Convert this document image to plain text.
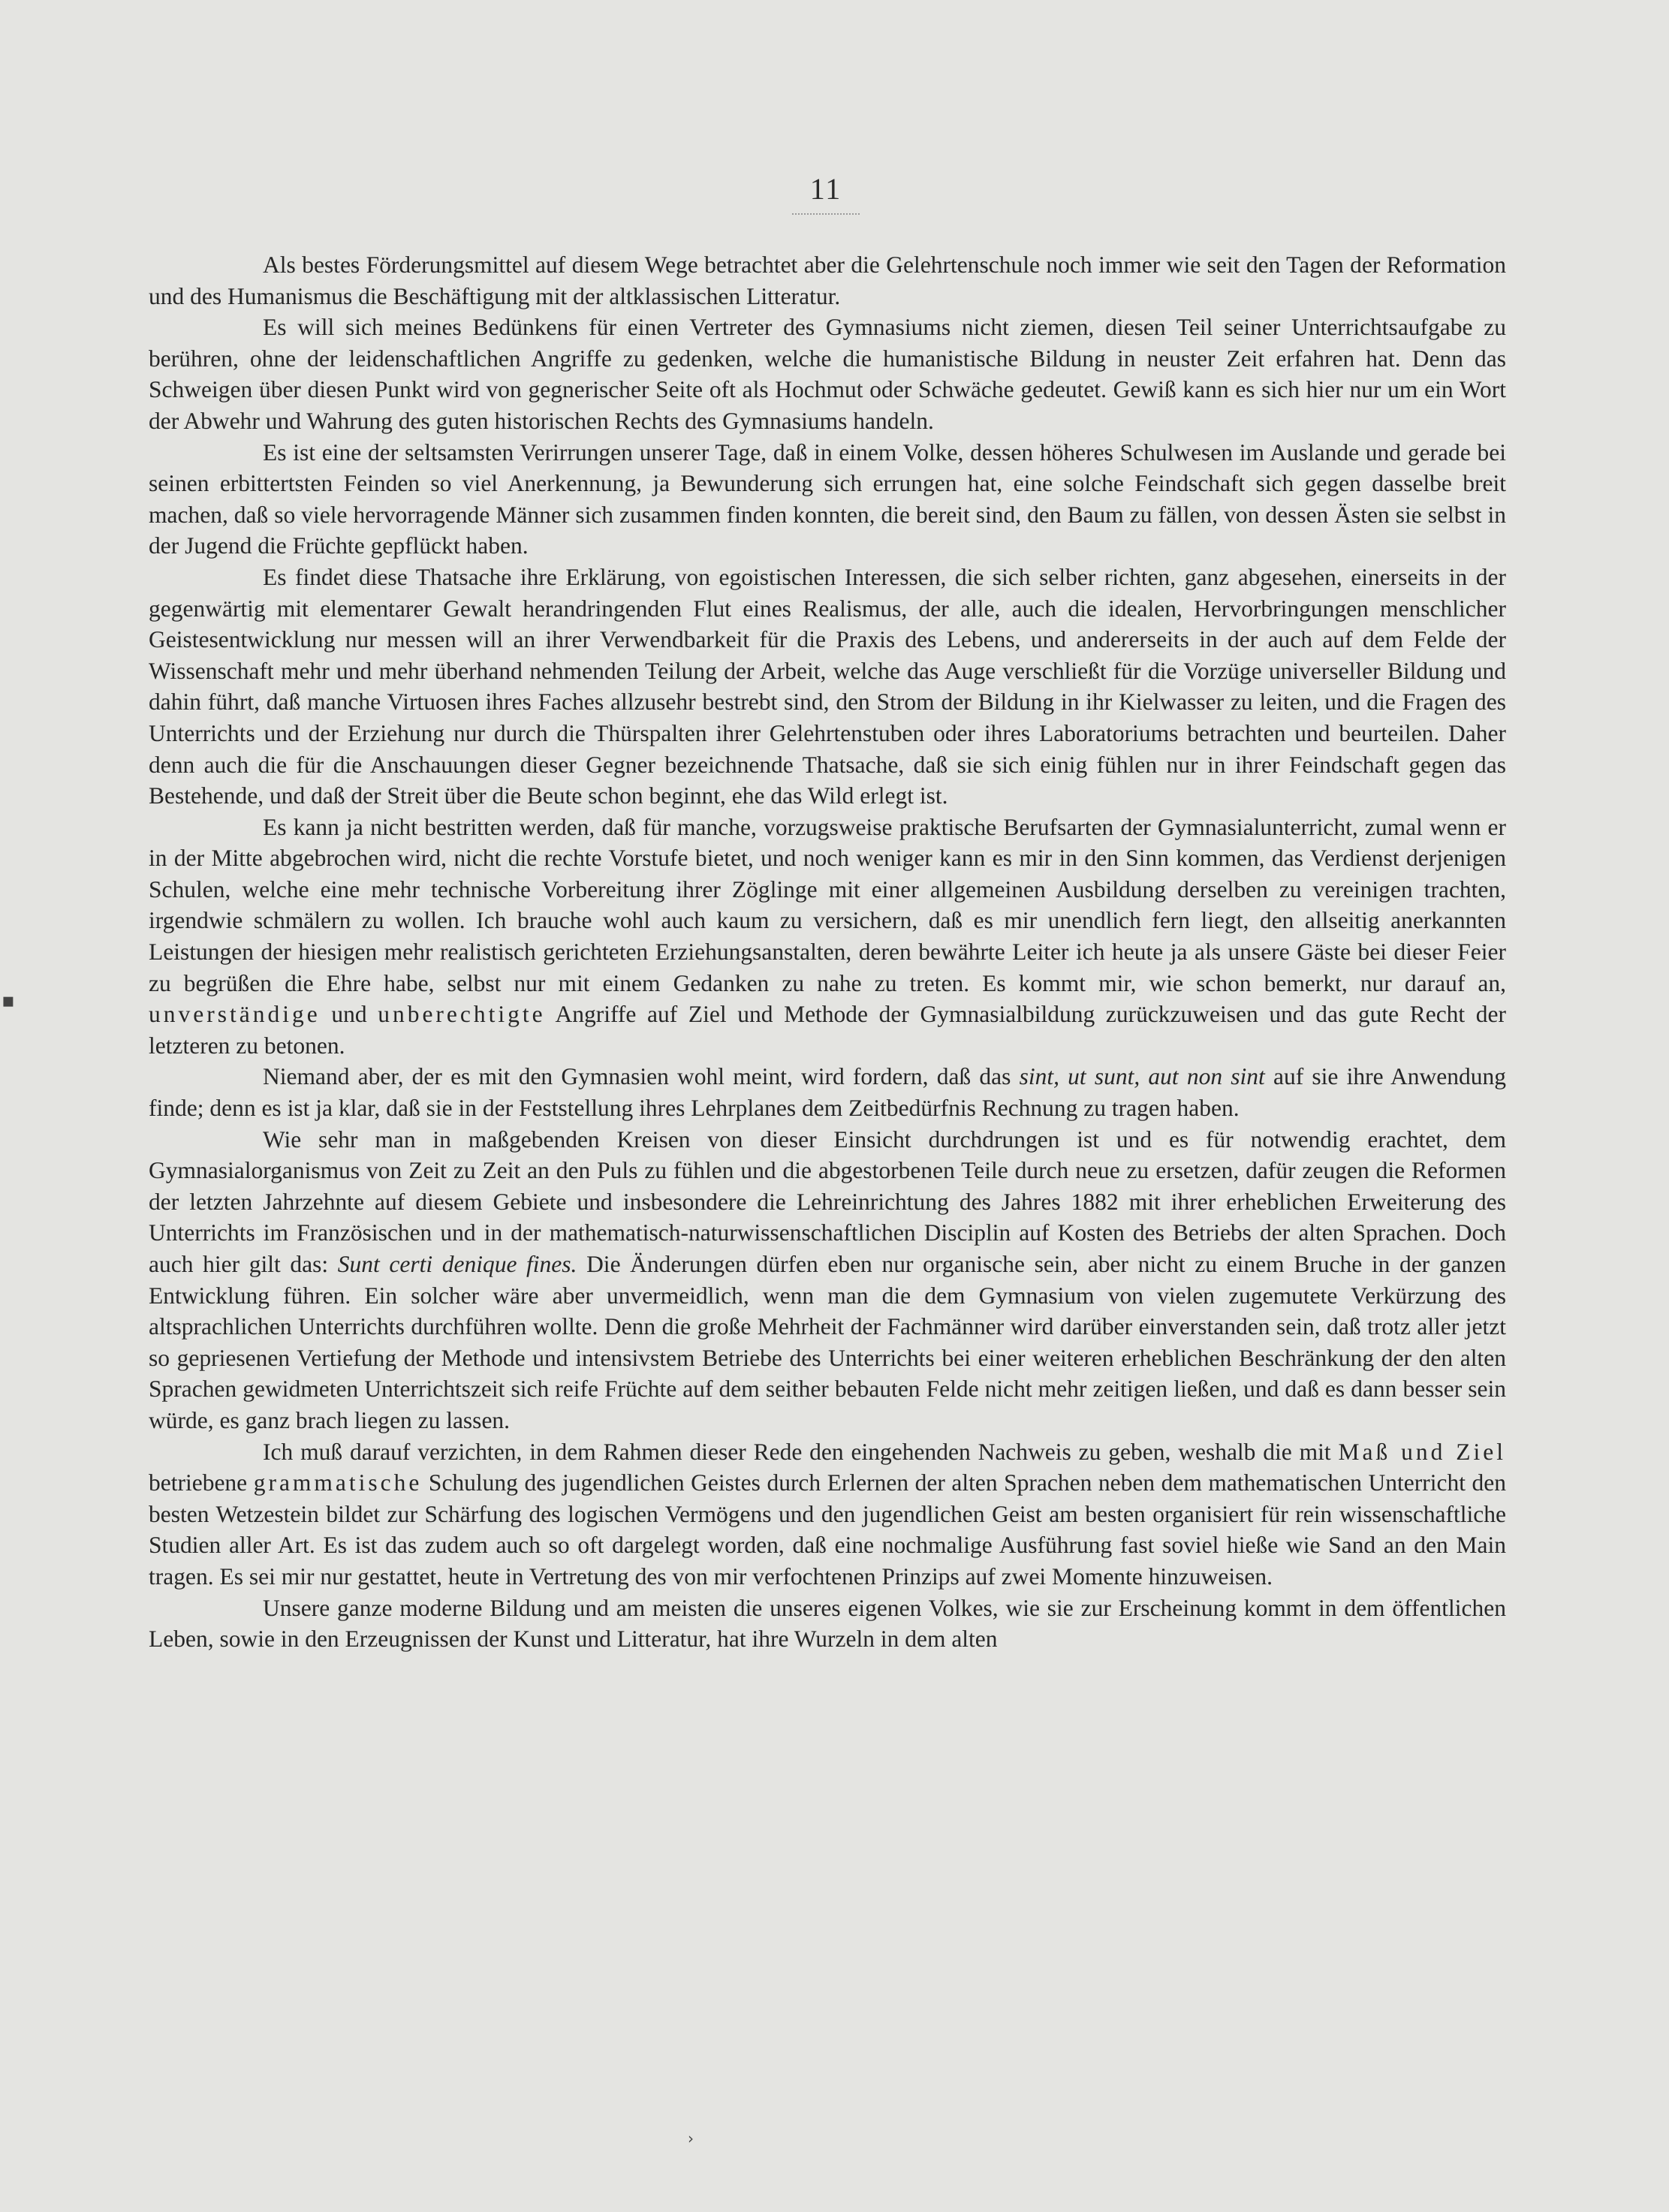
11

Als bestes Förderungsmittel auf diesem Wege betrachtet aber die Gelehrtenschule noch immer wie seit den Tagen der Reformation und des Humanismus die Beschäftigung mit der altklassischen Litteratur.

Es will sich meines Bedünkens für einen Vertreter des Gymnasiums nicht ziemen, diesen Teil seiner Unterrichtsaufgabe zu berühren, ohne der leidenschaftlichen Angriffe zu gedenken, welche die humanistische Bildung in neuster Zeit erfahren hat. Denn das Schweigen über diesen Punkt wird von gegnerischer Seite oft als Hochmut oder Schwäche gedeutet. Gewiß kann es sich hier nur um ein Wort der Abwehr und Wahrung des guten historischen Rechts des Gymnasiums handeln.

Es ist eine der seltsamsten Verirrungen unserer Tage, daß in einem Volke, dessen höheres Schulwesen im Auslande und gerade bei seinen erbittertsten Feinden so viel Anerkennung, ja Bewunderung sich errungen hat, eine solche Feindschaft sich gegen dasselbe breit machen, daß so viele hervorragende Männer sich zusammen finden konnten, die bereit sind, den Baum zu fällen, von dessen Ästen sie selbst in der Jugend die Früchte gepflückt haben.

Es findet diese Thatsache ihre Erklärung, von egoistischen Interessen, die sich selber richten, ganz abgesehen, einerseits in der gegenwärtig mit elementarer Gewalt herandringenden Flut eines Realismus, der alle, auch die idealen, Hervorbringungen menschlicher Geistesentwicklung nur messen will an ihrer Verwendbarkeit für die Praxis des Lebens, und andererseits in der auch auf dem Felde der Wissenschaft mehr und mehr überhand nehmenden Teilung der Arbeit, welche das Auge verschließt für die Vorzüge universeller Bildung und dahin führt, daß manche Virtuosen ihres Faches allzusehr bestrebt sind, den Strom der Bildung in ihr Kielwasser zu leiten, und die Fragen des Unterrichts und der Erziehung nur durch die Thürspalten ihrer Gelehrtenstuben oder ihres Laboratoriums betrachten und beurteilen. Daher denn auch die für die Anschauungen dieser Gegner bezeichnende Thatsache, daß sie sich einig fühlen nur in ihrer Feindschaft gegen das Bestehende, und daß der Streit über die Beute schon beginnt, ehe das Wild erlegt ist.

Es kann ja nicht bestritten werden, daß für manche, vorzugsweise praktische Berufsarten der Gymnasialunterricht, zumal wenn er in der Mitte abgebrochen wird, nicht die rechte Vorstufe bietet, und noch weniger kann es mir in den Sinn kommen, das Verdienst derjenigen Schulen, welche eine mehr technische Vorbereitung ihrer Zöglinge mit einer allgemeinen Ausbildung derselben zu vereinigen trachten, irgendwie schmälern zu wollen. Ich brauche wohl auch kaum zu versichern, daß es mir unendlich fern liegt, den allseitig anerkannten Leistungen der hiesigen mehr realistisch gerichteten Erziehungsanstalten, deren bewährte Leiter ich heute ja als unsere Gäste bei dieser Feier zu begrüßen die Ehre habe, selbst nur mit einem Gedanken zu nahe zu treten. Es kommt mir, wie schon bemerkt, nur darauf an, unverständige und unberechtigte Angriffe auf Ziel und Methode der Gymnasialbildung zurückzuweisen und das gute Recht der letzteren zu betonen.

Niemand aber, der es mit den Gymnasien wohl meint, wird fordern, daß das sint, ut sunt, aut non sint auf sie ihre Anwendung finde; denn es ist ja klar, daß sie in der Feststellung ihres Lehrplanes dem Zeitbedürfnis Rechnung zu tragen haben.

Wie sehr man in maßgebenden Kreisen von dieser Einsicht durchdrungen ist und es für notwendig erachtet, dem Gymnasialorganismus von Zeit zu Zeit an den Puls zu fühlen und die abgestorbenen Teile durch neue zu ersetzen, dafür zeugen die Reformen der letzten Jahrzehnte auf diesem Gebiete und insbesondere die Lehreinrichtung des Jahres 1882 mit ihrer erheblichen Erweiterung des Unterrichts im Französischen und in der mathematisch-naturwissenschaftlichen Disciplin auf Kosten des Betriebs der alten Sprachen. Doch auch hier gilt das: Sunt certi denique fines. Die Änderungen dürfen eben nur organische sein, aber nicht zu einem Bruche in der ganzen Entwicklung führen. Ein solcher wäre aber unvermeidlich, wenn man die dem Gymnasium von vielen zugemutete Verkürzung des altsprachlichen Unterrichts durchführen wollte. Denn die große Mehrheit der Fachmänner wird darüber einverstanden sein, daß trotz aller jetzt so gepriesenen Vertiefung der Methode und intensivstem Betriebe des Unterrichts bei einer weiteren erheblichen Beschränkung der den alten Sprachen gewidmeten Unterrichtszeit sich reife Früchte auf dem seither bebauten Felde nicht mehr zeitigen ließen, und daß es dann besser sein würde, es ganz brach liegen zu lassen.

Ich muß darauf verzichten, in dem Rahmen dieser Rede den eingehenden Nachweis zu geben, weshalb die mit Maß und Ziel betriebene grammatische Schulung des jugendlichen Geistes durch Erlernen der alten Sprachen neben dem mathematischen Unterricht den besten Wetzestein bildet zur Schärfung des logischen Vermögens und den jugendlichen Geist am besten organisiert für rein wissenschaftliche Studien aller Art. Es ist das zudem auch so oft dargelegt worden, daß eine nochmalige Ausführung fast soviel hieße wie Sand an den Main tragen. Es sei mir nur gestattet, heute in Vertretung des von mir verfochtenen Prinzips auf zwei Momente hinzuweisen.

Unsere ganze moderne Bildung und am meisten die unseres eigenen Volkes, wie sie zur Erscheinung kommt in dem öffentlichen Leben, sowie in den Erzeugnissen der Kunst und Litteratur, hat ihre Wurzeln in dem alten

▪
›
